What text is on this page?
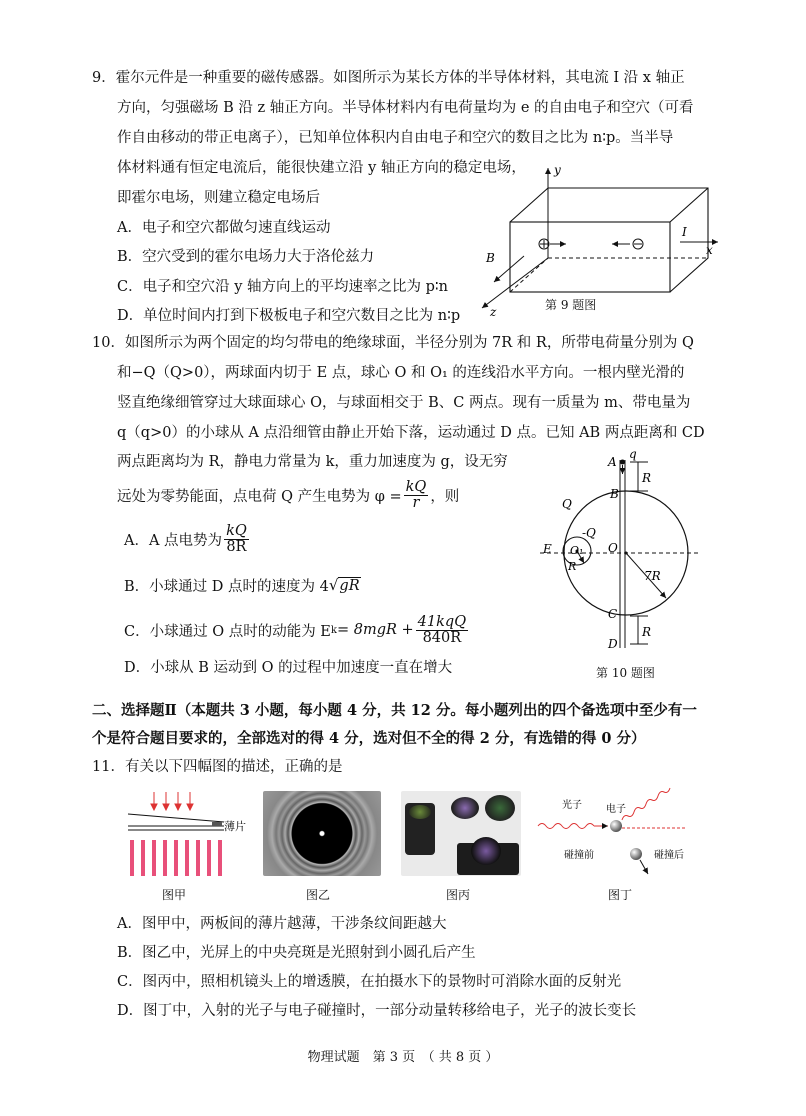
9．霍尔元件是一种重要的磁传感器。如图所示为某长方体的半导体材料，其电流 I 沿 x 轴正
方向，匀强磁场 B 沿 z 轴正方向。半导体材料内有电荷量均为 e 的自由电子和空穴（可看
作自由移动的带正电离子），已知单位体积内自由电子和空穴的数目之比为 n∶p。当半导
体材料通有恒定电流后，能很快建立沿 y 轴正方向的稳定电场，
即霍尔电场，则建立稳定电场后
A．电子和空穴都做匀速直线运动
B．空穴受到的霍尔电场力大于洛伦兹力
C．电子和空穴沿 y 轴方向上的平均速率之比为 p∶n
D．单位时间内打到下极板电子和空穴数目之比为 n∶p
y
x
z
I
B
第 9 题图
10．如图所示为两个固定的均匀带电的绝缘球面，半径分别为 7R 和 R，所带电荷量分别为 Q
和−Q（Q>0），两球面内切于 E 点，球心 O 和 O₁ 的连线沿水平方向。一根内壁光滑的
竖直绝缘细管穿过大球面球心 O，与球面相交于 B、C 两点。现有一质量为 m、带电量为
q（q>0）的小球从 A 点沿细管由静止开始下落，运动通过 D 点。已知 AB 两点距离和 CD
两点距离均为 R，静电力常量为 k，重力加速度为 g，设无穷
远处为零势能面，点电荷 Q 产生电势为 $\varphi = \frac{kQ}{r}$ ，则
A．A 点电势为 $\frac{kQ}{8R}$
B．小球通过 D 点时的速度为 4 √ gR
C．小球通过 O 点时的动能为 E $k = 8mgR + \frac{\text{41kqQ}}{840R}$
D．小球从 B 运动到 O 的过程中加速度一直在增大
A
q
R
B
Q
-Q
E O₁ O
R
7R
C
D
R
第 10 题图
二、选择题Ⅱ（本题共 3 小题，每小题 4 分，共 12 分。每小题列出的四个备选项中至少有一
个是符合题目要求的，全部选对的得 4 分，选对但不全的得 2 分，有选错的得 0 分）
11．有关以下四幅图的描述，正确的是
薄片
光子 电子
碰撞前	碰撞后
图甲	图乙	图丙	图丁
A．图甲中，两板间的薄片越薄，干涉条纹间距越大
B．图乙中，光屏上的中央亮斑是光照射到小圆孔后产生
C．图丙中，照相机镜头上的增透膜，在拍摄水下的景物时可消除水面的反射光
D．图丁中，入射的光子与电子碰撞时，一部分动量转移给电子，光子的波长变长
物理试题　第 3 页　（ 共 8 页 ）
